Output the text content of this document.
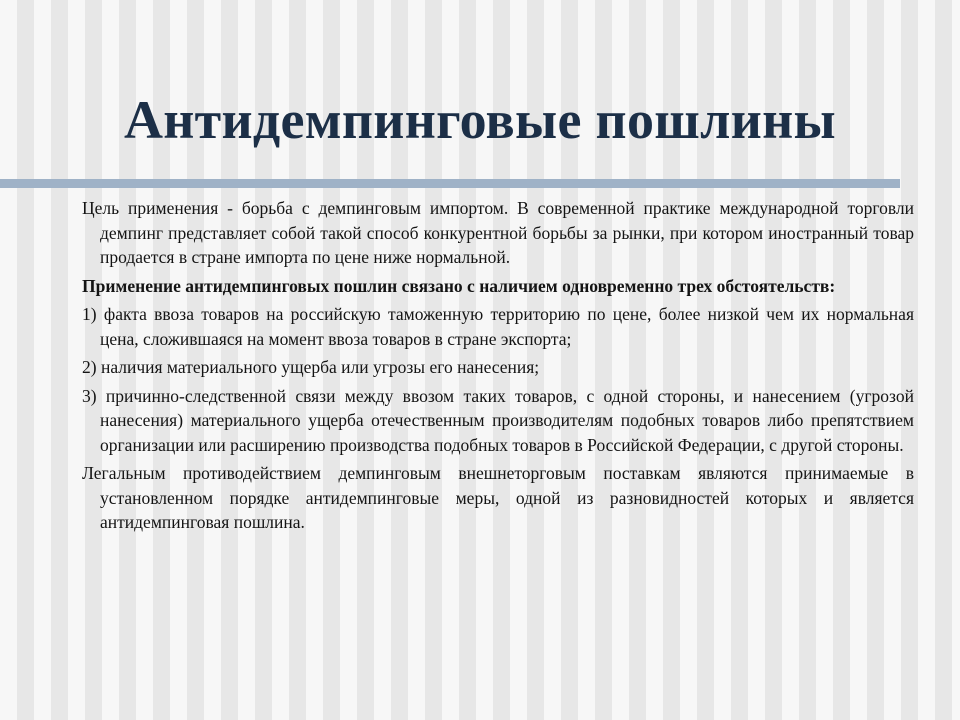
Антидемпинговые пошлины

Цель применения - борьба с демпинговым импортом. В современной практике международной торговли демпинг представляет собой такой способ конкурентной борьбы за рынки, при котором иностранный товар продается в стране импорта по цене ниже нормальной.

Применение антидемпинговых пошлин связано с наличием одновременно трех обстоятельств:

1) факта ввоза товаров на российскую таможенную территорию по цене, более низкой чем их нормальная цена, сложившаяся на момент ввоза товаров в стране экспорта;

2) наличия материального ущерба или угрозы его нанесения;

3) причинно-следственной связи между ввозом таких товаров, с одной стороны, и нанесением (угрозой нанесения) материального ущерба отечественным производителям подобных товаров либо препятствием организации или расширению производства подобных товаров в Российской Федерации, с другой стороны.

Легальным противодействием демпинговым внешнеторговым поставкам являются принимаемые в установленном порядке антидемпинговые меры, одной из разновидностей которых и является антидемпинговая пошлина.
